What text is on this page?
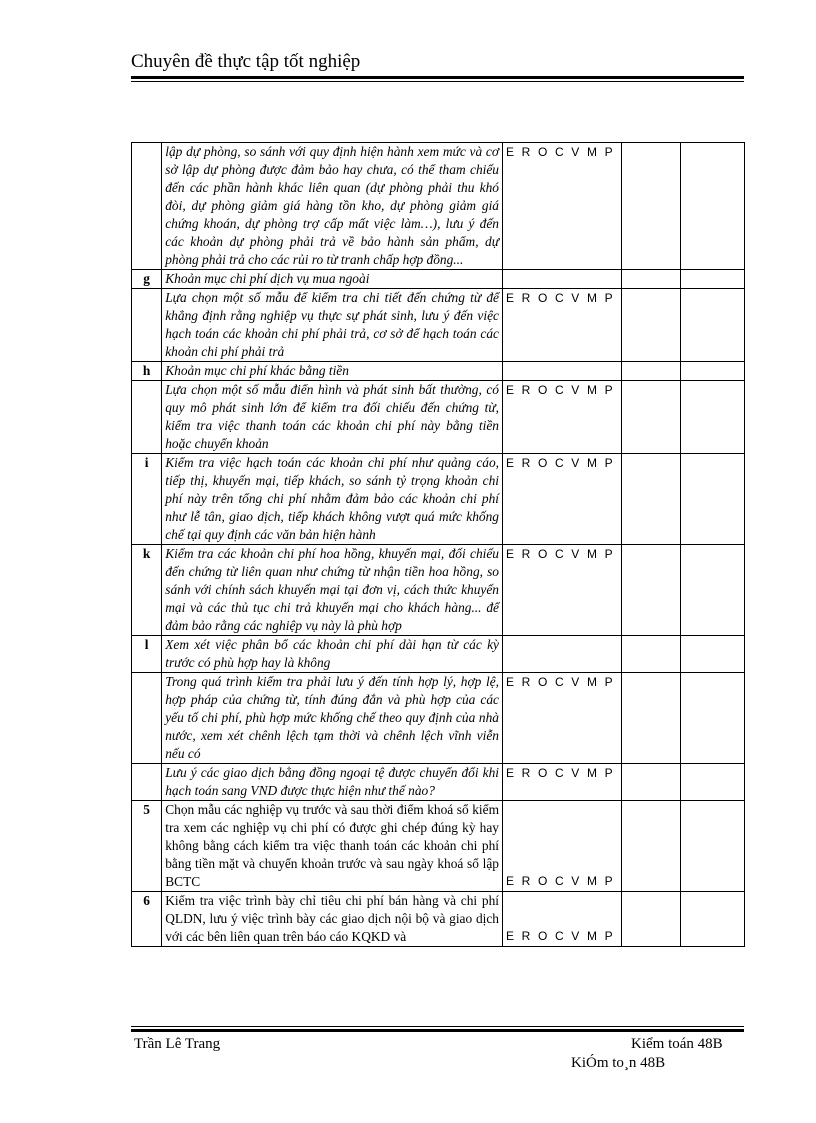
Chuyên đề thực tập tốt nghiệp
	lập dự phòng, so sánh với quy định hiện hành xem mức và cơ sở lập dự phòng được đảm bảo hay chưa, có thể tham chiếu đến các phần hành khác liên quan (dự phòng phải thu khó đòi, dự phòng giảm giá hàng tồn kho, dự phòng giảm giá chứng khoán, dự phòng trợ cấp mất việc làm…), lưu ý đến các khoản dự phòng phải trả về bảo hành sản phẩm, dự phòng phải trả cho các rủi ro từ tranh chấp hợp đồng...	E R O C V M P		
g	Khoản mục chi phí dịch vụ mua ngoài			
	Lựa chọn một số mẫu để kiểm tra chi tiết đến chứng từ để khẳng định rằng nghiệp vụ thực sự phát sinh, lưu ý đến việc hạch toán các khoản chi phí phải trả, cơ sở để hạch toán các khoản chi phí phải trả	E R O C V M P		
h	Khoản mục chi phí khác bằng tiền			
	Lựa chọn một số mẫu điển hình và phát sinh bất thường, có quy mô phát sinh lớn để kiểm tra đối chiếu đến chứng từ, kiểm tra việc thanh toán các khoản chi phí này bằng tiền hoặc chuyển khoản	E R O C V M P		
i	Kiểm tra việc hạch toán các khoản chi phí như quảng cáo, tiếp thị, khuyến mại, tiếp khách, so sánh tỷ trọng khoản chi phí này trên tổng chi phí nhằm đảm bảo các khoản chi phí như lễ tân, giao dịch, tiếp khách không vượt quá mức khống chế tại quy định các văn bản hiện hành	E R O C V M P		
k	Kiểm tra các khoản chi phí hoa hồng, khuyến mại, đối chiếu đến chứng từ liên quan như chứng từ nhận tiền hoa hồng, so sánh với chính sách khuyến mại tại đơn vị, cách thức khuyến mại và các thủ tục chi trả khuyến mại cho khách hàng... để đảm bảo rằng các nghiệp vụ này là phù hợp	E R O C V M P		
l	Xem xét việc phân bổ các khoản chi phí dài hạn từ các kỳ trước có phù hợp hay là không			
	Trong quá trình kiểm tra phải lưu ý đến tính hợp lý, hợp lệ, hợp pháp của chứng từ, tính đúng đắn và phù hợp của các yếu tố chi phí, phù hợp mức khống chế theo quy định của nhà nước, xem xét chênh lệch tạm thời và chênh lệch vĩnh viễn nếu có	E R O C V M P		
	Lưu ý các giao dịch bằng đồng ngoại tệ được chuyển đổi khi hạch toán sang VND được thực hiện như thế nào?	E R O C V M P		
5	Chọn mẫu các nghiệp vụ trước và sau thời điểm khoá sổ kiểm tra xem các nghiệp vụ chi phí có được ghi chép đúng kỳ hay không bằng cách kiểm tra việc thanh toán các khoản chi phí bằng tiền mặt và chuyển khoản trước và sau ngày khoá sổ lập BCTC	E R O C V M P		
6	Kiểm tra việc trình bày chỉ tiêu chi phí bán hàng và chi phí QLDN, lưu ý việc trình bày các giao dịch nội bộ và giao dịch với các bên liên quan trên báo cáo KQKD và	E R O C V M P		
Trần Lê Trang	Kiểm toán 48B
KiÓm to¸n 48B
